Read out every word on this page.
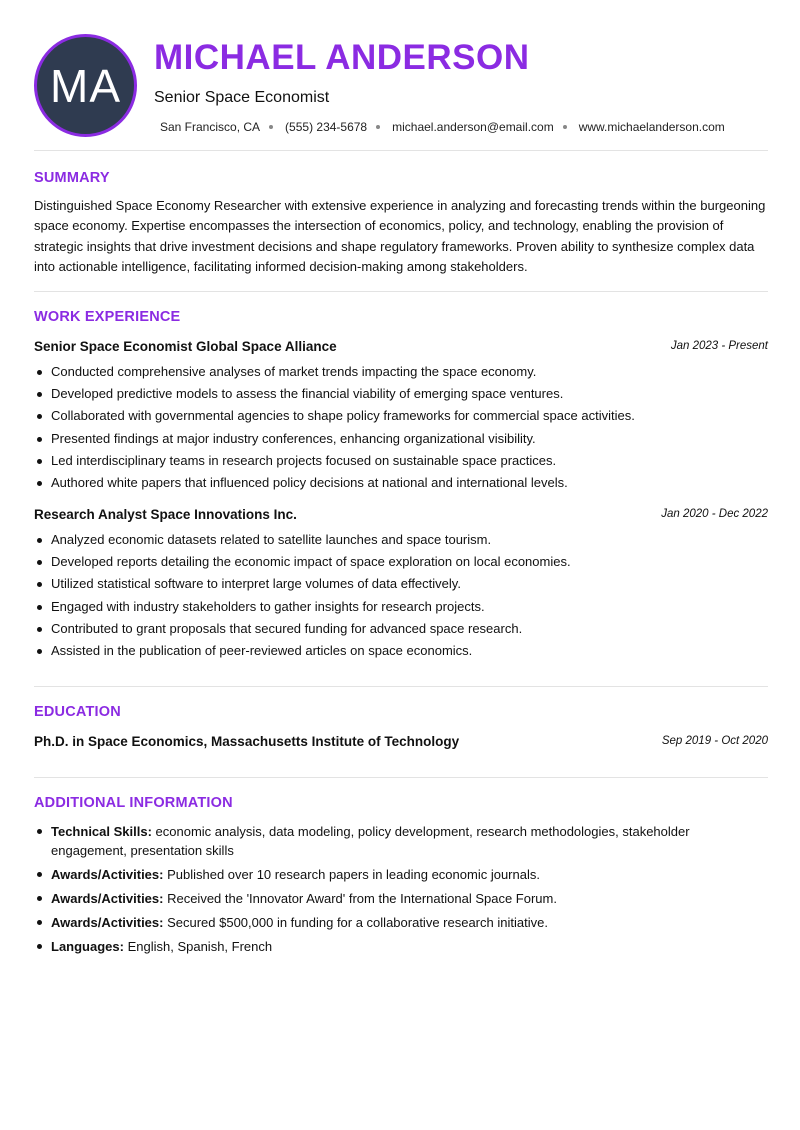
MA
MICHAEL ANDERSON
Senior Space Economist
San Francisco, CA (555) 234-5678 michael.anderson@email.com www.michaelanderson.com
SUMMARY
Distinguished Space Economy Researcher with extensive experience in analyzing and forecasting trends within the burgeoning space economy. Expertise encompasses the intersection of economics, policy, and technology, enabling the provision of strategic insights that drive investment decisions and shape regulatory frameworks. Proven ability to synthesize complex data into actionable intelligence, facilitating informed decision-making among stakeholders.
WORK EXPERIENCE
Senior Space Economist Global Space Alliance	Jan 2023 - Present
Conducted comprehensive analyses of market trends impacting the space economy.
Developed predictive models to assess the financial viability of emerging space ventures.
Collaborated with governmental agencies to shape policy frameworks for commercial space activities.
Presented findings at major industry conferences, enhancing organizational visibility.
Led interdisciplinary teams in research projects focused on sustainable space practices.
Authored white papers that influenced policy decisions at national and international levels.
Research Analyst Space Innovations Inc.	Jan 2020 - Dec 2022
Analyzed economic datasets related to satellite launches and space tourism.
Developed reports detailing the economic impact of space exploration on local economies.
Utilized statistical software to interpret large volumes of data effectively.
Engaged with industry stakeholders to gather insights for research projects.
Contributed to grant proposals that secured funding for advanced space research.
Assisted in the publication of peer-reviewed articles on space economics.
EDUCATION
Ph.D. in Space Economics, Massachusetts Institute of Technology	Sep 2019 - Oct 2020
ADDITIONAL INFORMATION
Technical Skills: economic analysis, data modeling, policy development, research methodologies, stakeholder engagement, presentation skills
Awards/Activities: Published over 10 research papers in leading economic journals.
Awards/Activities: Received the 'Innovator Award' from the International Space Forum.
Awards/Activities: Secured $500,000 in funding for a collaborative research initiative.
Languages: English, Spanish, French
